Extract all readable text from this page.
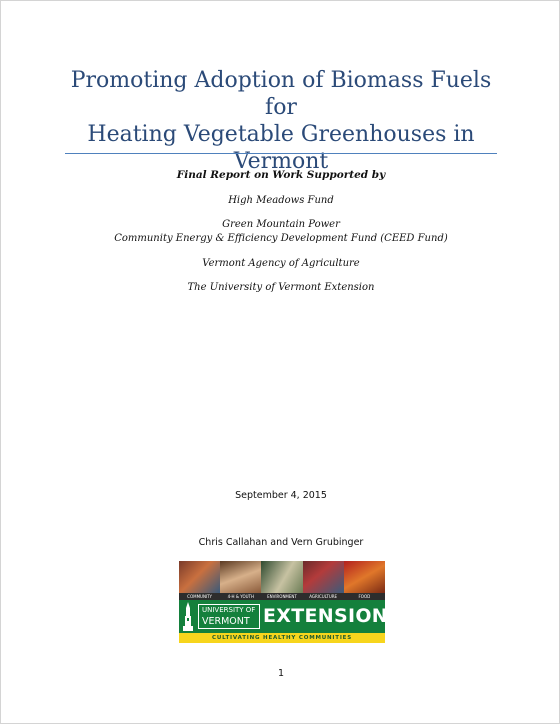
Promoting Adoption of Biomass Fuels for
Heating Vegetable Greenhouses in
Vermont
Final Report on Work Supported by
High Meadows Fund
Green Mountain Power
Community Energy & Efficiency Development Fund (CEED Fund)
Vermont Agency of Agriculture
The University of Vermont Extension
September 4, 2015
Chris Callahan and Vern Grubinger
COMMUNITY	4-H & YOUTH	ENVIRONMENT	AGRICULTURE	FOOD
UNIVERSITY OF
VERMONT EXTENSION
CULTIVATING HEALTHY COMMUNITIES
1
